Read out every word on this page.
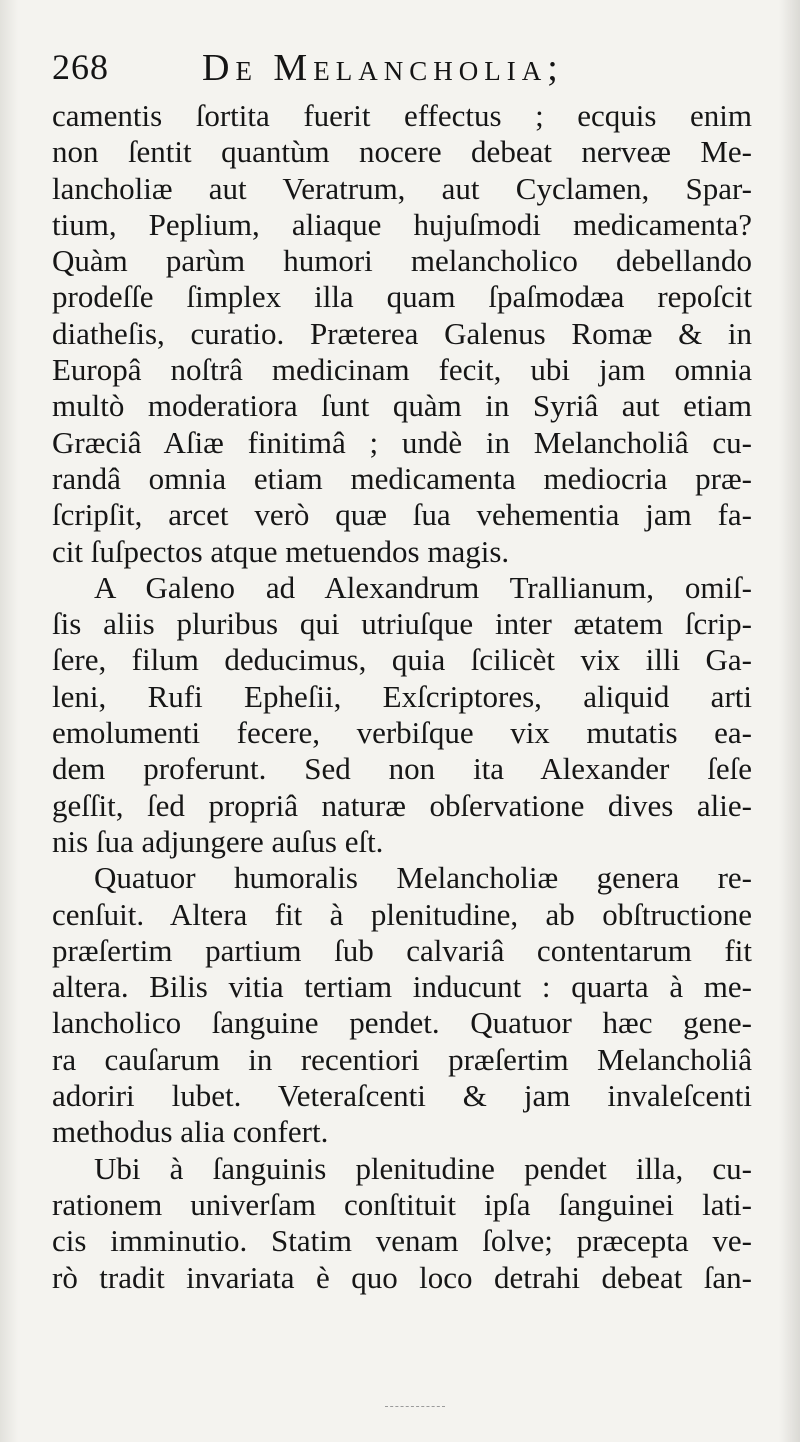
268 De Melancholia;
camentis ſortita fuerit effectus ; ecquis enim
non ſentit quantùm nocere debeat nerveæ Me-
lancholiæ aut Veratrum, aut Cyclamen, Spar-
tium, Peplium, aliaque hujuſmodi medicamenta?
Quàm parùm humori melancholico debellando
prodeſſe ſimplex illa quam ſpaſmodæa repoſcit
diatheſis, curatio. Præterea Galenus Romæ & in
Europâ noſtrâ medicinam fecit, ubi jam omnia
multò moderatiora ſunt quàm in Syriâ aut etiam
Græciâ Aſiæ finitimâ ; undè in Melancholiâ cu-
randâ omnia etiam medicamenta mediocria præ-
ſcripſit, arcet verò quæ ſua vehementia jam fa-
cit ſuſpectos atque metuendos magis.
A Galeno ad Alexandrum Trallianum, omiſ-
ſis aliis pluribus qui utriuſque inter ætatem ſcrip-
ſere, filum deducimus, quia ſcilicèt vix illi Ga-
leni, Rufi Epheſii, Exſcriptores, aliquid arti
emolumenti fecere, verbiſque vix mutatis ea-
dem proferunt. Sed non ita Alexander ſeſe
geſſit, ſed propriâ naturæ obſervatione dives alie-
nis ſua adjungere auſus eſt.
Quatuor humoralis Melancholiæ genera re-
cenſuit. Altera fit à plenitudine, ab obſtructione
præſertim partium ſub calvariâ contentarum fit
altera. Bilis vitia tertiam inducunt : quarta à me-
lancholico ſanguine pendet. Quatuor hæc gene-
ra cauſarum in recentiori præſertim Melancholiâ
adoriri lubet. Veteraſcenti & jam invaleſcenti
methodus alia confert.
Ubi à ſanguinis plenitudine pendet illa, cu-
rationem univerſam conſtituit ipſa ſanguinei lati-
cis imminutio. Statim venam ſolve; præcepta ve-
rò tradit invariata è quo loco detrahi debeat ſan-
